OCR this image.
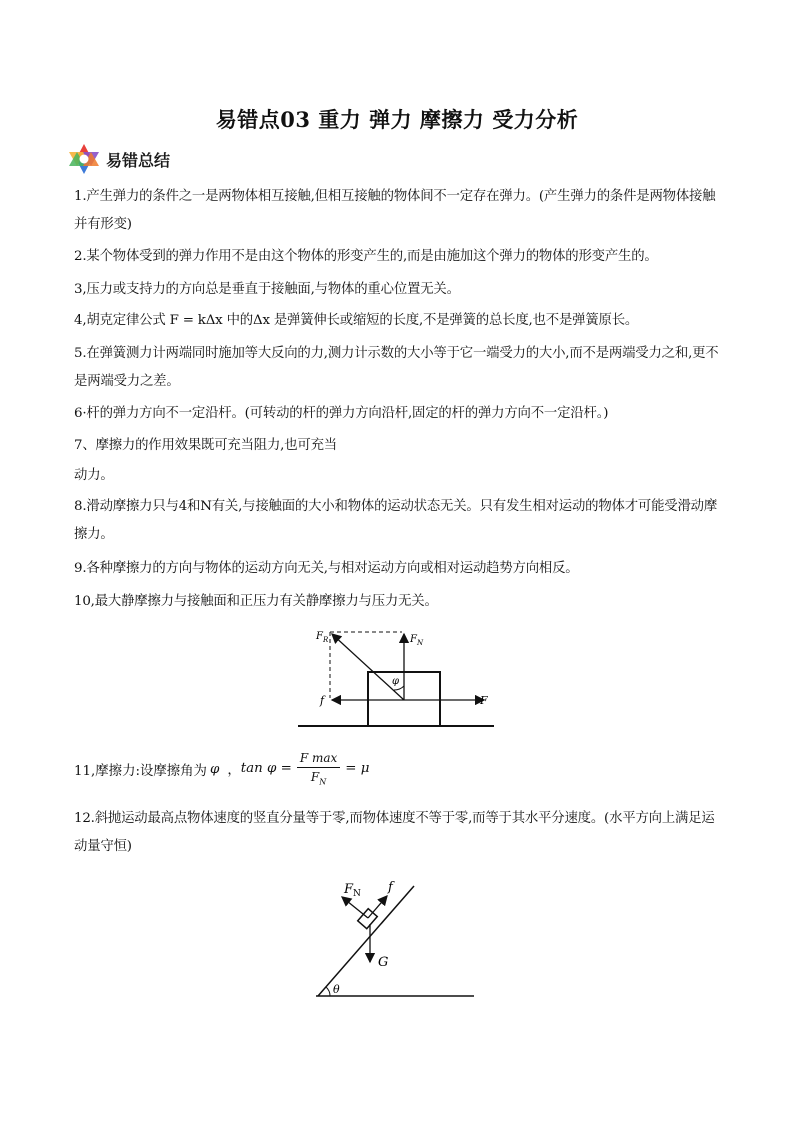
易错点03 重力 弹力 摩擦力 受力分析
易错总结
1.产生弹力的条件之一是两物体相互接触,但相互接触的物体间不一定存在弹力。(产生弹力的条件是两物体接触并有形变)
2.某个物体受到的弹力作用不是由这个物体的形变产生的,而是由施加这个弹力的物体的形变产生的。
3,压力或支持力的方向总是垂直于接触面,与物体的重心位置无关。
4,胡克定律公式 F = kΔx 中的Δx 是弹簧伸长或缩短的长度,不是弹簧的总长度,也不是弹簧原长。
5.在弹簧测力计两端同时施加等大反向的力,测力计示数的大小等于它一端受力的大小,而不是两端受力之和,更不是两端受力之差。
6·杆的弹力方向不一定沿杆。(可转动的杆的弹力方向沿杆,固定的杆的弹力方向不一定沿杆。)
7、摩擦力的作用效果既可充当阻力,也可充当
动力。
8.滑动摩擦力只与4和N有关,与接触面的大小和物体的运动状态无关。只有发生相对运动的物体才可能受滑动摩擦力。
9.各种摩擦力的方向与物体的运动方向无关,与相对运动方向或相对运动趋势方向相反。
10,最大静摩擦力与接触面和正压力有关静摩擦力与压力无关。
$F_R$	$F_N$
φ
f	F
11,摩擦力:设摩擦角为 φ ， $\tan \varphi = \frac{\text{F max}}{F_N} = \mu$
12.斜抛运动最高点物体速度的竖直分量等于零,而物体速度不等于零,而等于其水平分速度。(水平方向上满足运动量守恒)
$F_N$ f
G
θ
